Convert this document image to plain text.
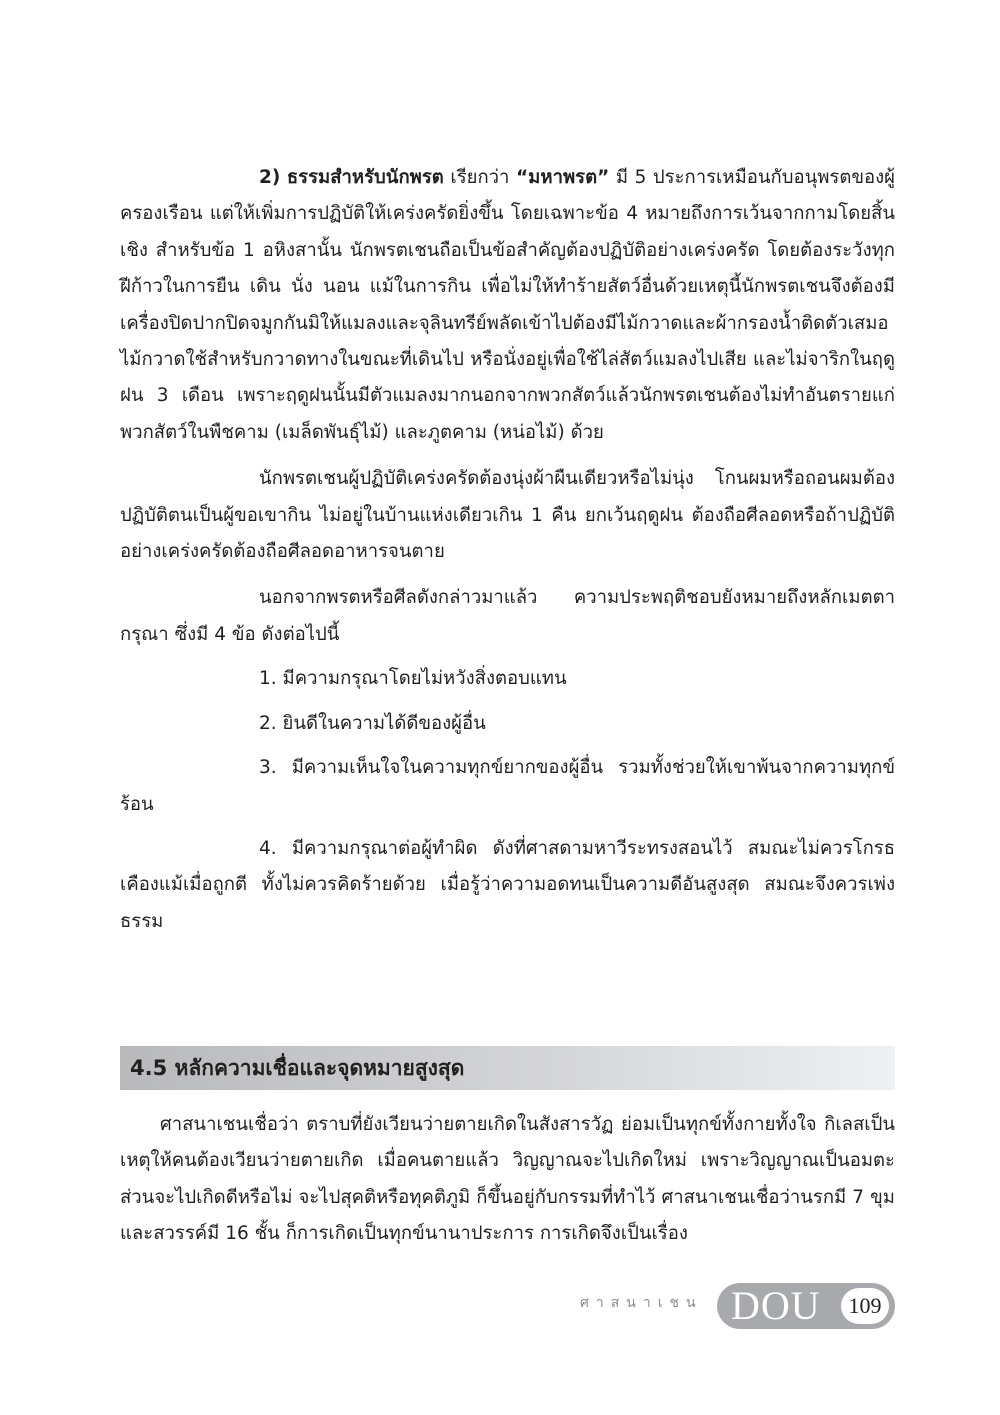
2) ธรรมสำหรับนักพรต เรียกว่า “มหาพรต” มี 5 ประการเหมือนกับอนุพรตของผู้ครองเรือน แต่ให้เพิ่มการปฏิบัติให้เคร่งครัดยิ่งขึ้น โดยเฉพาะข้อ 4 หมายถึงการเว้นจากกามโดยสิ้นเชิง สำหรับข้อ 1 อหิงสานั้น นักพรตเชนถือเป็นข้อสำคัญต้องปฏิบัติอย่างเคร่งครัด โดยต้องระวังทุกฝีก้าวในการยืน เดิน นั่ง นอน แม้ในการกิน เพื่อไม่ให้ทำร้ายสัตว์อื่นด้วยเหตุนี้นักพรตเชนจึงต้องมีเครื่องปิดปากปิดจมูกกันมิให้แมลงและจุลินทรีย์พลัดเข้าไปต้องมีไม้กวาดและผ้ากรองน้ำติดตัวเสมอ ไม้กวาดใช้สำหรับกวาดทางในขณะที่เดินไป หรือนั่งอยู่เพื่อใช้ไล่สัตว์แมลงไปเสีย และไม่จาริกในฤดูฝน 3 เดือน เพราะฤดูฝนนั้นมีตัวแมลงมากนอกจากพวกสัตว์แล้วนักพรตเชนต้องไม่ทำอันตรายแก่พวกสัตว์ในพืชคาม (เมล็ดพันธุ์ไม้) และภูตคาม (หน่อไม้) ด้วย

นักพรตเชนผู้ปฏิบัติเคร่งครัดต้องนุ่งผ้าผืนเดียวหรือไม่นุ่ง โกนผมหรือถอนผมต้องปฏิบัติตนเป็นผู้ขอเขากิน ไม่อยู่ในบ้านแห่งเดียวเกิน 1 คืน ยกเว้นฤดูฝน ต้องถือศีลอดหรือถ้าปฏิบัติอย่างเคร่งครัดต้องถือศีลอดอาหารจนตาย

นอกจากพรตหรือศีลดังกล่าวมาแล้ว ความประพฤติชอบยังหมายถึงหลักเมตตากรุณา ซึ่งมี 4 ข้อ ดังต่อไปนี้

1. มีความกรุณาโดยไม่หวังสิ่งตอบแทน

2. ยินดีในความได้ดีของผู้อื่น

3. มีความเห็นใจในความทุกข์ยากของผู้อื่น รวมทั้งช่วยให้เขาพ้นจากความทุกข์ร้อน

4. มีความกรุณาต่อผู้ทำผิด ดังที่ศาสดามหาวีระทรงสอนไว้ สมณะไม่ควรโกรธเคืองแม้เมื่อถูกตี ทั้งไม่ควรคิดร้ายด้วย เมื่อรู้ว่าความอดทนเป็นความดีอันสูงสุด สมณะจึงควรเพ่งธรรม

4.5 หลักความเชื่อและจุดหมายสูงสุด

ศาสนาเชนเชื่อว่า ตราบที่ยังเวียนว่ายตายเกิดในสังสารวัฏ ย่อมเป็นทุกข์ทั้งกายทั้งใจ กิเลสเป็นเหตุให้คนต้องเวียนว่ายตายเกิด เมื่อคนตายแล้ว วิญญาณจะไปเกิดใหม่ เพราะวิญญาณเป็นอมตะ ส่วนจะไปเกิดดีหรือไม่ จะไปสุคติหรือทุคติภูมิ ก็ขึ้นอยู่กับกรรมที่ทำไว้ ศาสนาเชนเชื่อว่านรกมี 7 ขุม และสวรรค์มี 16 ชั้น ก็การเกิดเป็นทุกข์นานาประการ การเกิดจึงเป็นเรื่อง

ศาสนาเชน DOU	109
